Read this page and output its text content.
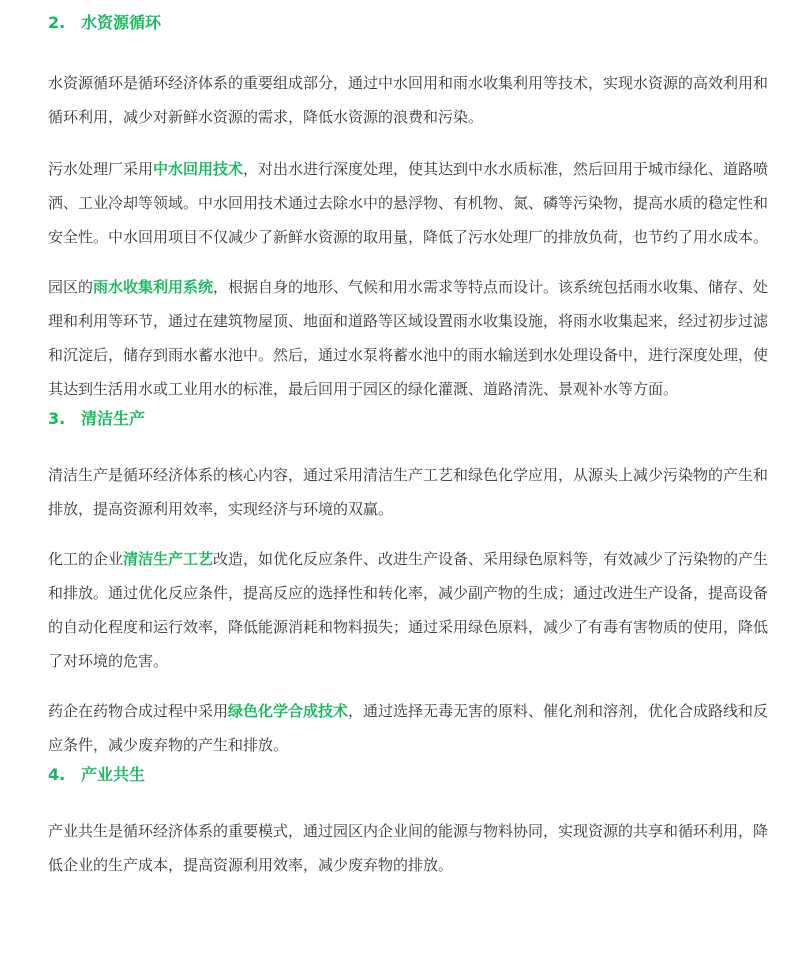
2. 水资源循环

水资源循环是循环经济体系的重要组成部分，通过中水回用和雨水收集利用等技术，实现水资源的高效利用和循环利用，减少对新鲜水资源的需求，降低水资源的浪费和污染。

污水处理厂采用中水回用技术，对出水进行深度处理，使其达到中水水质标准，然后回用于城市绿化、道路喷洒、工业冷却等领域。中水回用技术通过去除水中的悬浮物、有机物、氮、磷等污染物，提高水质的稳定性和安全性。中水回用项目不仅减少了新鲜水资源的取用量，降低了污水处理厂的排放负荷，也节约了用水成本。

园区的雨水收集利用系统，根据自身的地形、气候和用水需求等特点而设计。该系统包括雨水收集、储存、处理和利用等环节，通过在建筑物屋顶、地面和道路等区域设置雨水收集设施，将雨水收集起来，经过初步过滤和沉淀后，储存到雨水蓄水池中。然后，通过水泵将蓄水池中的雨水输送到水处理设备中，进行深度处理，使其达到生活用水或工业用水的标准，最后回用于园区的绿化灌溉、道路清洗、景观补水等方面。

3. 清洁生产

清洁生产是循环经济体系的核心内容，通过采用清洁生产工艺和绿色化学应用，从源头上减少污染物的产生和排放，提高资源利用效率，实现经济与环境的双赢。

化工的企业清洁生产工艺改造，如优化反应条件、改进生产设备、采用绿色原料等，有效减少了污染物的产生和排放。通过优化反应条件，提高反应的选择性和转化率，减少副产物的生成；通过改进生产设备，提高设备的自动化程度和运行效率，降低能源消耗和物料损失；通过采用绿色原料，减少了有毒有害物质的使用，降低了对环境的危害。

药企在药物合成过程中采用绿色化学合成技术，通过选择无毒无害的原料、催化剂和溶剂，优化合成路线和反应条件，减少废弃物的产生和排放。

4. 产业共生

产业共生是循环经济体系的重要模式，通过园区内企业间的能源与物料协同，实现资源的共享和循环利用，降低企业的生产成本，提高资源利用效率，减少废弃物的排放。
